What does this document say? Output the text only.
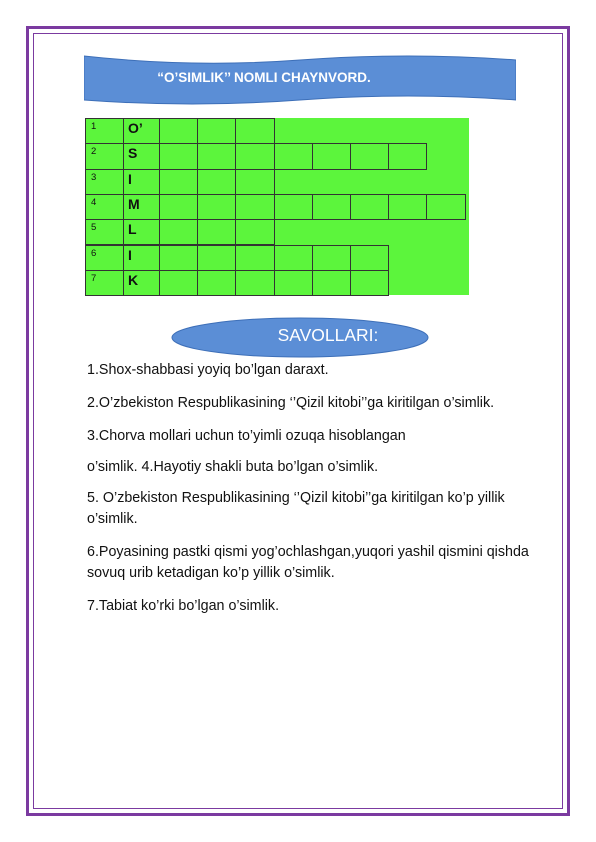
“O’SIMLIK’’ NOMLI CHAYNVORD.
1	O’
2	S
3	I
4	M
5	L
6	I
7	K
SAVOLLARI:

1.Shox-shabbasi yoyiq bo’lgan daraxt.

2.O’zbekiston Respublikasining ‘’Qizil kitobi’’ga kiritilgan o’simlik.

3.Chorva mollari uchun to’yimli ozuqa hisoblangan

o’simlik. 4.Hayotiy shakli buta bo’lgan o’simlik.

5. O’zbekiston Respublikasining ‘’Qizil kitobi’’ga kiritilgan ko’p yillik o’simlik.

6.Poyasining pastki qismi yog’ochlashgan,yuqori yashil qismini qishda sovuq urib ketadigan ko’p yillik o’simlik.

7.Tabiat ko’rki bo’lgan o’simlik.
